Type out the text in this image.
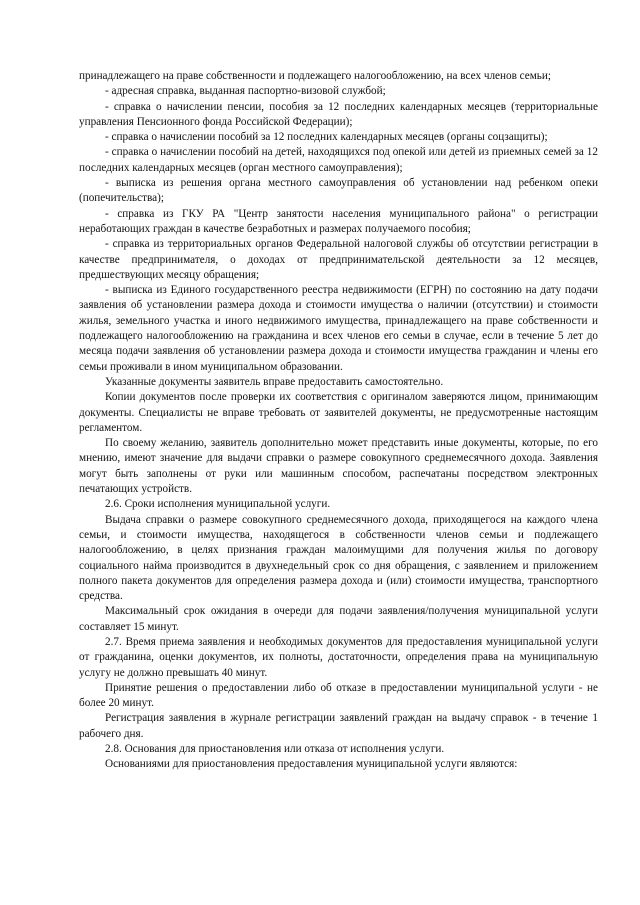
принадлежащего на праве собственности и подлежащего налогообложению, на всех членов семьи;

- адресная справка, выданная паспортно-визовой службой;

- справка о начислении пенсии, пособия за 12 последних календарных месяцев (территориальные управления Пенсионного фонда Российской Федерации);

- справка о начислении пособий за 12 последних календарных месяцев (органы соцзащиты);

- справка о начислении пособий на детей, находящихся под опекой или детей из приемных семей за 12 последних календарных месяцев (орган местного самоуправления);

- выписка из решения органа местного самоуправления об установлении над ребенком опеки (попечительства);

- справка из ГКУ РА "Центр занятости населения муниципального района" о регистрации неработающих граждан в качестве безработных и размерах получаемого пособия;

- справка из территориальных органов Федеральной налоговой службы об отсутствии регистрации в качестве предпринимателя, о доходах от предпринимательской деятельности за 12 месяцев, предшествующих месяцу обращения;

- выписка из Единого государственного реестра недвижимости (ЕГРН) по состоянию на дату подачи заявления об установлении размера дохода и стоимости имущества о наличии (отсутствии) и стоимости жилья, земельного участка и иного недвижимого имущества, принадлежащего на праве собственности и подлежащего налогообложению на гражданина и всех членов его семьи в случае, если в течение 5 лет до месяца подачи заявления об установлении размера дохода и стоимости имущества гражданин и члены его семьи проживали в ином муниципальном образовании.

Указанные документы заявитель вправе предоставить самостоятельно.

Копии документов после проверки их соответствия с оригиналом заверяются лицом, принимающим документы. Специалисты не вправе требовать от заявителей документы, не предусмотренные настоящим регламентом.

По своему желанию, заявитель дополнительно может представить иные документы, которые, по его мнению, имеют значение для выдачи справки о размере совокупного среднемесячного дохода. Заявления могут быть заполнены от руки или машинным способом, распечатаны посредством электронных печатающих устройств.

2.6. Сроки исполнения муниципальной услуги.

Выдача справки о размере совокупного среднемесячного дохода, приходящегося на каждого члена семьи, и стоимости имущества, находящегося в собственности членов семьи и подлежащего налогообложению, в целях признания граждан малоимущими для получения жилья по договору социального найма производится в двухнедельный срок со дня обращения, с заявлением и приложением полного пакета документов для определения размера дохода и (или) стоимости имущества, транспортного средства.

Максимальный срок ожидания в очереди для подачи заявления/получения муниципальной услуги составляет 15 минут.

2.7. Время приема заявления и необходимых документов для предоставления муниципальной услуги от гражданина, оценки документов, их полноты, достаточности, определения права на муниципальную услугу не должно превышать 40 минут.

Принятие решения о предоставлении либо об отказе в предоставлении муниципальной услуги - не более 20 минут.

Регистрация заявления в журнале регистрации заявлений граждан на выдачу справок - в течение 1 рабочего дня.

2.8. Основания для приостановления или отказа от исполнения услуги.

Основаниями для приостановления предоставления муниципальной услуги являются:
